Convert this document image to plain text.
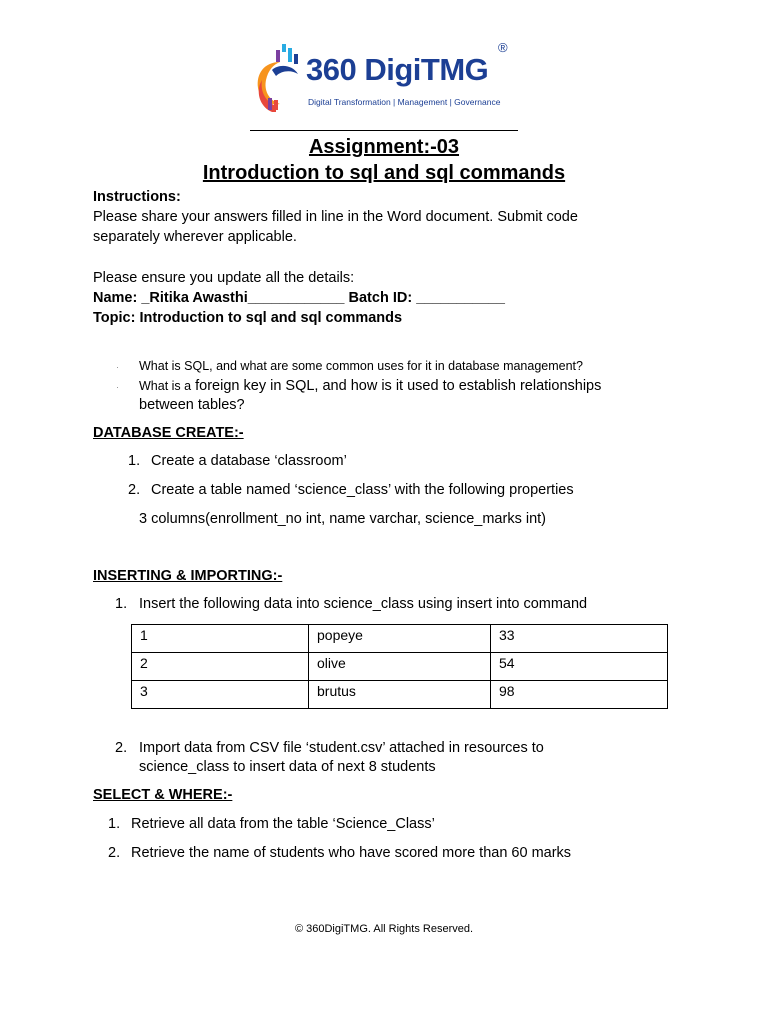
360 DigiTMG
®
Digital Transformation | Management | Governance
Assignment:-03
Introduction to sql and sql commands
Instructions:
Please share your answers filled in line in the Word document. Submit code
separately wherever applicable.
Please ensure you update all the details:
Name: _Ritika Awasthi____________ Batch ID: ___________
Topic: Introduction to sql and sql commands
· What is SQL, and what are some common uses for it in database management?
· What is a foreign key in SQL, and how is it used to establish relationships
between tables?
DATABASE CREATE:-
1. Create a database ‘classroom’
2. Create a table named ‘science_class’ with the following properties
3 columns(enrollment_no int, name varchar, science_marks int)
INSERTING & IMPORTING:-
1. Insert the following data into science_class using insert into command
1	popeye	33
2	olive	54
3	brutus	98
2. Import data from CSV file ‘student.csv’ attached in resources to
science_class to insert data of next 8 students
SELECT & WHERE:-
1. Retrieve all data from the table ‘Science_Class’
2. Retrieve the name of students who have scored more than 60 marks
© 360DigiTMG. All Rights Reserved.
